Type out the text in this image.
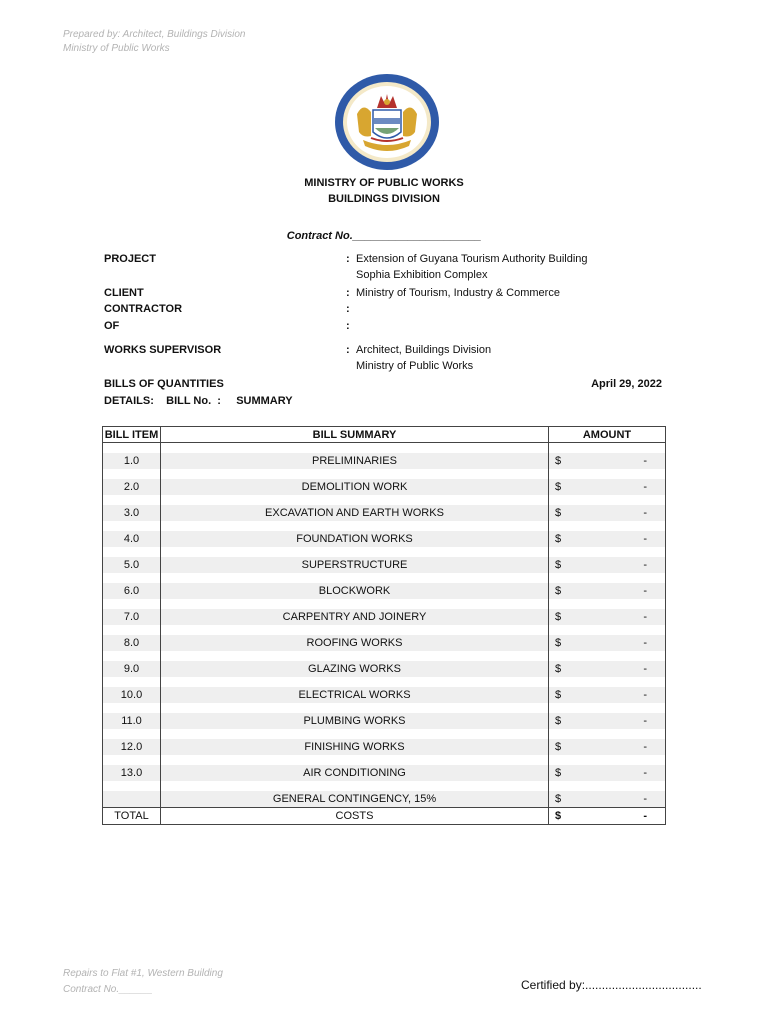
Prepared by: Architect, Buildings Division
Ministry of Public Works
MINISTRY OF PUBLIC WORKS
BUILDINGS DIVISION
Contract No._____________________
PROJECT	: Extension of Guyana Tourism Authority Building
Sophia Exhibition Complex
CLIENT	: Ministry of Tourism, Industry & Commerce
CONTRACTOR	:
OF	:
WORKS SUPERVISOR	: Architect, Buildings Division
Ministry of Public Works
BILLS OF QUANTITIES	April 29, 2022
DETAILS:    BILL No.  :     SUMMARY
BILL ITEM	BILL SUMMARY	AMOUNT

1.0	PRELIMINARIES	$ -

2.0	DEMOLITION WORK	$ -

3.0	EXCAVATION AND EARTH WORKS	$ -

4.0	FOUNDATION WORKS	$ -

5.0	SUPERSTRUCTURE	$ -

6.0	BLOCKWORK	$ -

7.0	CARPENTRY AND JOINERY	$ -

8.0	ROOFING WORKS	$ -

9.0	GLAZING WORKS	$ -

10.0	ELECTRICAL WORKS	$ -

11.0	PLUMBING WORKS	$ -

12.0	FINISHING WORKS	$ -

13.0	AIR CONDITIONING	$ -

	GENERAL CONTINGENCY, 15%	$ -

TOTAL	COSTS	$ -
Repairs to Flat #1, Western Building
Contract No.______	Certified by:...................................
